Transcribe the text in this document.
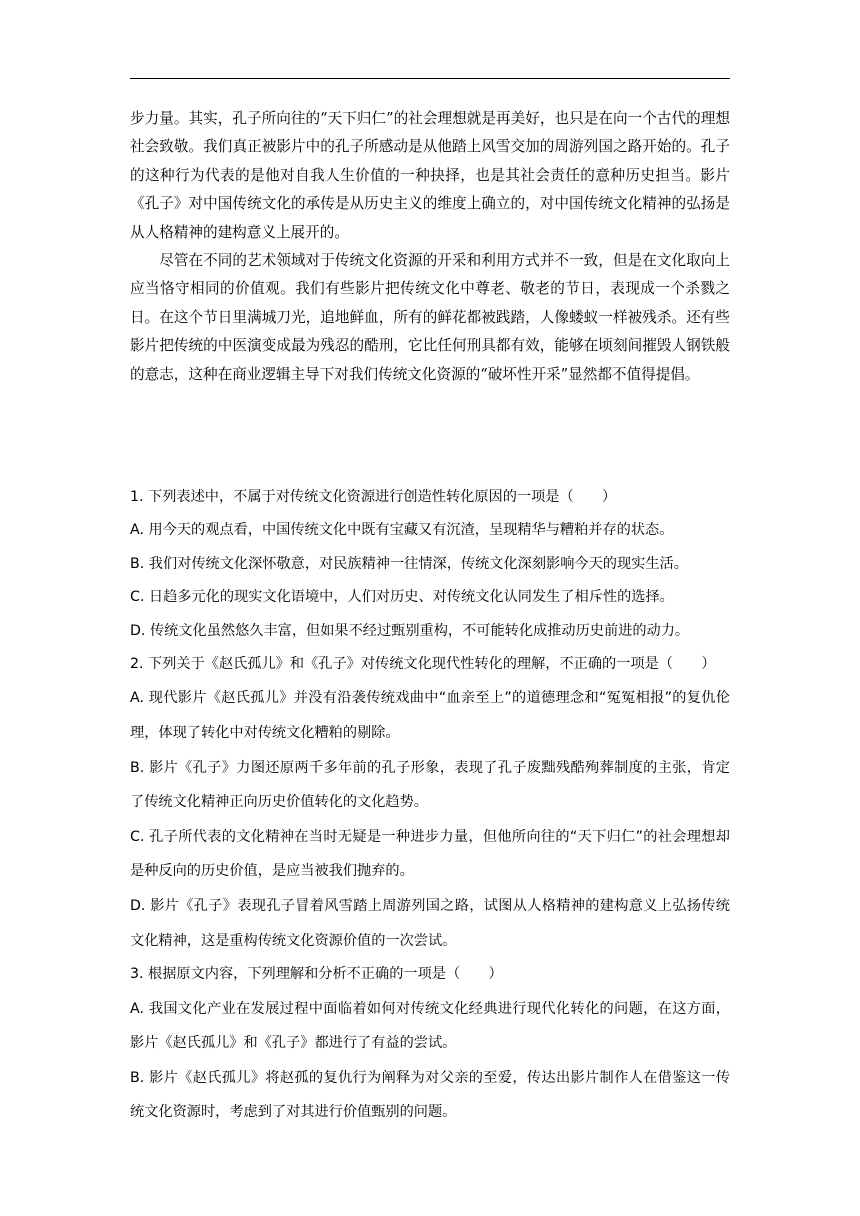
步力量。其实，孔子所向往的“天下归仁”的社会理想就是再美好，也只是在向一个古代的理想社会致敬。我们真正被影片中的孔子所感动是从他踏上风雪交加的周游列国之路开始的。孔子的这种行为代表的是他对自我人生价值的一种抉择，也是其社会责任的意种历史担当。影片《孔子》对中国传统文化的承传是从历史主义的维度上确立的，对中国传统文化精神的弘扬是从人格精神的建构意义上展开的。

尽管在不同的艺术领域对于传统文化资源的开采和利用方式并不一致，但是在文化取向上应当恪守相同的价值观。我们有些影片把传统文化中尊老、敬老的节日，表现成一个杀戮之日。在这个节日里满城刀光，追地鲜血，所有的鲜花都被践踏，人像蝼蚁一样被残杀。还有些影片把传统的中医演变成最为残忍的酷刑，它比任何刑具都有效，能够在顷刻间摧毁人钢铁般的意志，这种在商业逻辑主导下对我们传统文化资源的“破坏性开采”显然都不值得提倡。

1. 下列表述中，不属于对传统文化资源进行创造性转化原因的一项是（　　）

A. 用今天的观点看，中国传统文化中既有宝藏又有沉渣，呈现精华与糟粕并存的状态。

B. 我们对传统文化深怀敬意，对民族精神一往情深，传统文化深刻影响今天的现实生活。

C. 日趋多元化的现实文化语境中，人们对历史、对传统文化认同发生了相斥性的选择。

D. 传统文化虽然悠久丰富，但如果不经过甄别重构，不可能转化成推动历史前进的动力。

2. 下列关于《赵氏孤儿》和《孔子》对传统文化现代性转化的理解，不正确的一项是（　　）

A. 现代影片《赵氏孤儿》并没有沿袭传统戏曲中“血亲至上”的道德理念和“冤冤相报”的复仇伦理，体现了转化中对传统文化糟粕的剔除。

B. 影片《孔子》力图还原两千多年前的孔子形象，表现了孔子废黜残酷殉葬制度的主张，肯定了传统文化精神正向历史价值转化的文化趋势。

C. 孔子所代表的文化精神在当时无疑是一种进步力量，但他所向往的“天下归仁”的社会理想却是种反向的历史价值，是应当被我们抛弃的。

D. 影片《孔子》表现孔子冒着风雪踏上周游列国之路，试图从人格精神的建构意义上弘扬传统文化精神，这是重构传统文化资源价值的一次尝试。

3. 根据原文内容，下列理解和分析不正确的一项是（　　）

A. 我国文化产业在发展过程中面临着如何对传统文化经典进行现代化转化的问题，在这方面，影片《赵氏孤儿》和《孔子》都进行了有益的尝试。

B. 影片《赵氏孤儿》将赵孤的复仇行为阐释为对父亲的至爱，传达出影片制作人在借鉴这一传统文化资源时，考虑到了对其进行价值甄别的问题。
